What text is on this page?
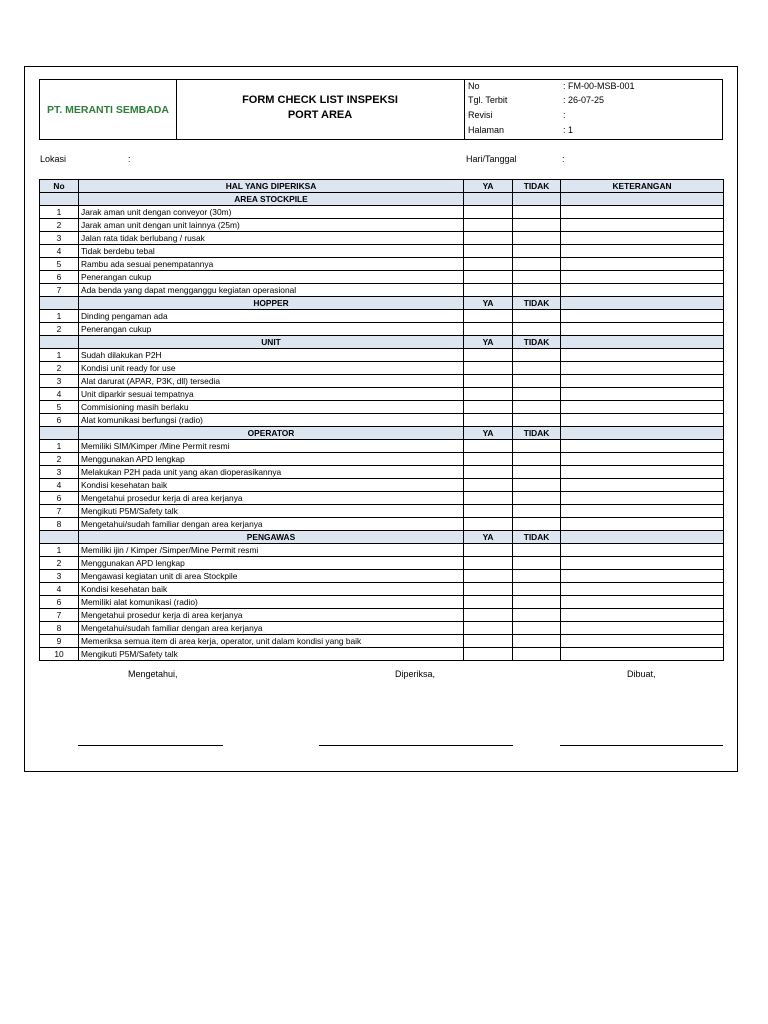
PT. MERANTI SEMBADA
FORM CHECK LIST INSPEKSI
PORT AREA
No	: FM-00-MSB-001
Tgl. Terbit	: 26-07-25
Revisi	:
Halaman	: 1
Lokasi	:	Hari/Tanggal	:
No	HAL YANG DIPERIKSA	YA	TIDAK	KETERANGAN
	AREA STOCKPILE			
1	Jarak aman unit dengan conveyor (30m)			
2	Jarak aman unit dengan unit lainnya (25m)			
3	Jalan rata tidak berlubang / rusak			
4	Tidak berdebu tebal			
5	Rambu ada sesuai penempatannya			
6	Penerangan cukup			
7	Ada benda yang dapat mengganggu kegiatan operasional			
	HOPPER	YA	TIDAK	
1	Dinding pengaman ada			
2	Penerangan cukup			
	UNIT	YA	TIDAK	
1	Sudah dilakukan P2H			
2	Kondisi unit ready for use			
3	Alat darurat (APAR, P3K, dll) tersedia			
4	Unit diparkir sesuai tempatnya			
5	Commisioning masih berlaku			
6	Alat komunikasi berfungsi (radio)			
	OPERATOR	YA	TIDAK	
1	Memiliki SIM/Kimper /Mine Permit resmi			
2	Menggunakan APD lengkap			
3	Melakukan P2H pada unit yang akan dioperasikannya			
4	Kondisi kesehatan baik			
6	Mengetahui prosedur kerja di area kerjanya			
7	Mengikuti P5M/Safety talk			
8	Mengetahui/sudah familiar dengan area kerjanya			
	PENGAWAS	YA	TIDAK	
1	Memiliki ijin / Kimper /Simper/Mine Permit resmi			
2	Menggunakan APD lengkap			
3	Mengawasi kegiatan unit di area Stockpile			
4	Kondisi kesehatan baik			
6	Memiliki alat komunikasi (radio)			
7	Mengetahui prosedur kerja di area kerjanya			
8	Mengetahui/sudah familiar dengan area kerjanya			
9	Memeriksa semua item di area kerja, operator, unit dalam kondisi yang baik			
10	Mengikuti P5M/Safety talk			
Mengetahui,	Diperiksa,	Dibuat,
